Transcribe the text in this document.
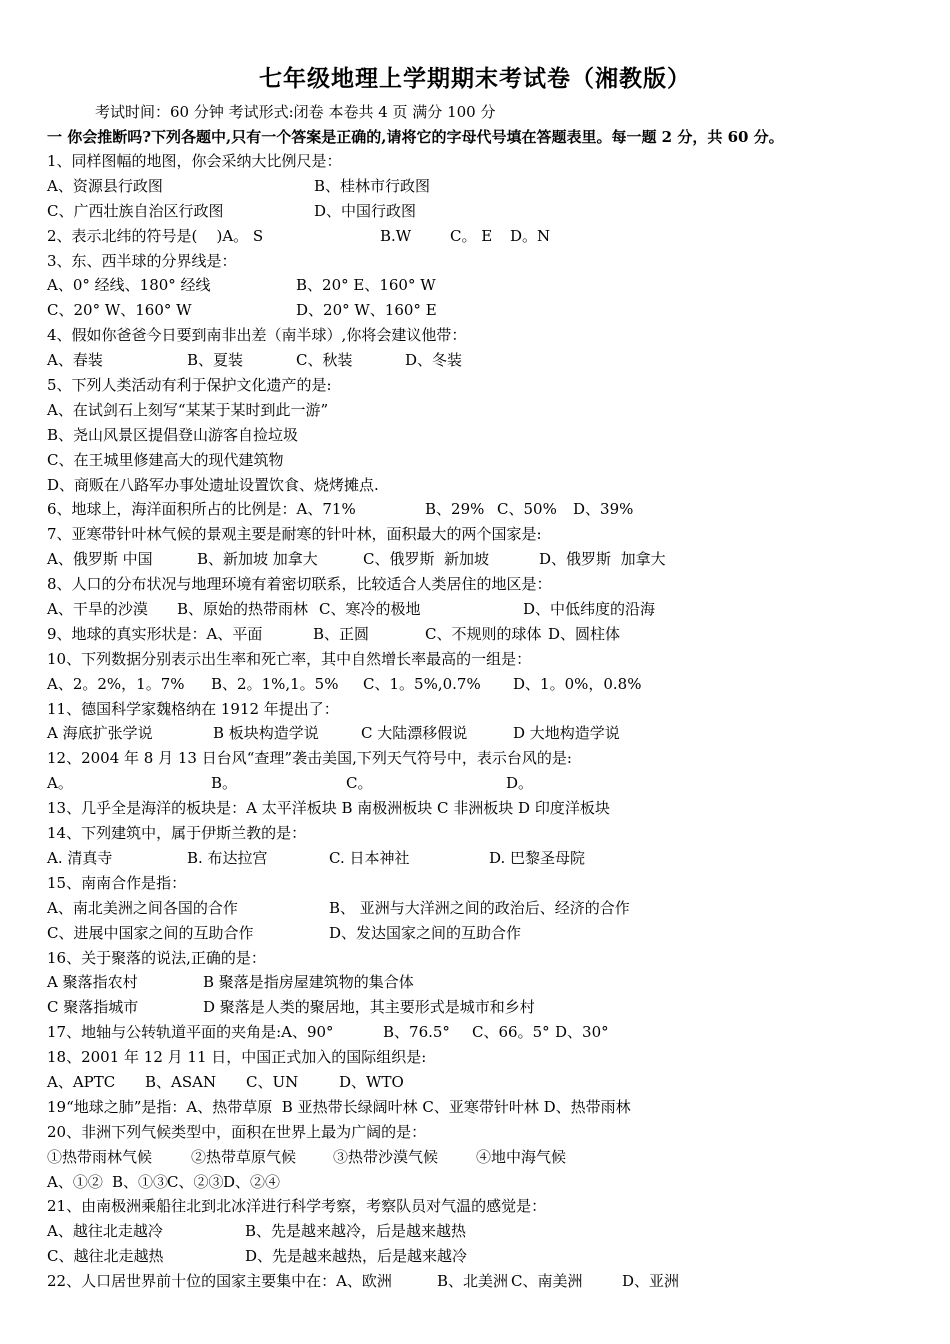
七年级地理上学期期末考试卷（湘教版）
考试时间：60 分钟 考试形式:闭卷 本卷共 4 页 满分 100 分
一 你会推断吗?下列各题中,只有一个答案是正确的,请将它的字母代号填在答题表里。每一题 2 分，共 60 分。
1、同样图幅的地图，你会采纳大比例尺是：
A、资源县行政图	B、桂林市行政图
C、广西壮族自治区行政图	D、中国行政图
2、表示北纬的符号是(    )A。 S	B.W	C。 E D。N
3、东、西半球的分界线是：
A、0° 经线、180° 经线	B、20° E、160° W
C、20° W、160° W	D、20° W、160° E
4、假如你爸爸今日要到南非出差（南半球）,你将会建议他带：
A、春装	B、夏装	C、秋装	D、冬装
5、下列人类活动有利于保护文化遗产的是:
A、在试剑石上刻写“某某于某时到此一游”
B、尧山风景区提倡登山游客自捡垃圾
C、在王城里修建高大的现代建筑物
D、商贩在八路军办事处遗址设置饮食、烧烤摊点.
6、地球上，海洋面积所占的比例是：A、71%	B、29% C、50% D、39%
7、亚寒带针叶林气候的景观主要是耐寒的针叶林，面积最大的两个国家是:
A、俄罗斯 中国	B、新加坡 加拿大	C、俄罗斯  新加坡	D、俄罗斯  加拿大
8、人口的分布状况与地理环境有着密切联系，比较适合人类居住的地区是：
A、干旱的沙漠 B、原始的热带雨林 C、寒冷的极地	D、中低纬度的沿海
9、地球的真实形状是：A、平面	B、正圆	C、不规则的球体 D、圆柱体
10、下列数据分别表示出生率和死亡率，其中自然增长率最高的一组是：
A、2。2%，1。7% B、2。1%,1。5% C、1。5%,0.7% D、1。0%，0.8%
11、德国科学家魏格纳在 1912 年提出了：
A 海底扩张学说	B 板块构造学说	C 大陆漂移假说	D 大地构造学说
12、2004 年 8 月 13 日台风“查理”袭击美国,下列天气符号中，表示台风的是:
A。	B。	C。	D。
13、几乎全是海洋的板块是：A 太平洋板块 B 南极洲板块 C 非洲板块 D 印度洋板块
14、下列建筑中，属于伊斯兰教的是：
A. 清真寺	B. 布达拉宫	C. 日本神社	D. 巴黎圣母院
15、南南合作是指：
A、南北美洲之间各国的合作	B、 亚洲与大洋洲之间的政治后、经济的合作
C、进展中国家之间的互助合作	D、发达国家之间的互助合作
16、关于聚落的说法,正确的是：
A 聚落指农村	B 聚落是指房屋建筑物的集合体
C 聚落指城市	D 聚落是人类的聚居地，其主要形式是城市和乡村
17、地轴与公转轨道平面的夹角是:A、90°	B、76.5° C、66。5° D、30°
18、2001 年 12 月 11 日，中国正式加入的国际组织是:
A、APTC B、ASAN C、UN	D、WTO
19“地球之肺”是指：A、热带草原  B 亚热带长绿阔叶林 C、亚寒带针叶林 D、热带雨林
20、非洲下列气候类型中，面积在世界上最为广阔的是：
①热带雨林气候	②热带草原气候 ③热带沙漠气候	④地中海气候
A、①② B、①③
C、②③ D、②④
21、由南极洲乘船往北到北冰洋进行科学考察，考察队员对气温的感觉是：
A、越往北走越冷	B、先是越来越冷，后是越来越热
C、越往北走越热	D、先是越来越热，后是越来越冷
22、人口居世界前十位的国家主要集中在：A、欧洲	B、北美洲 C、南美洲	D、亚洲
